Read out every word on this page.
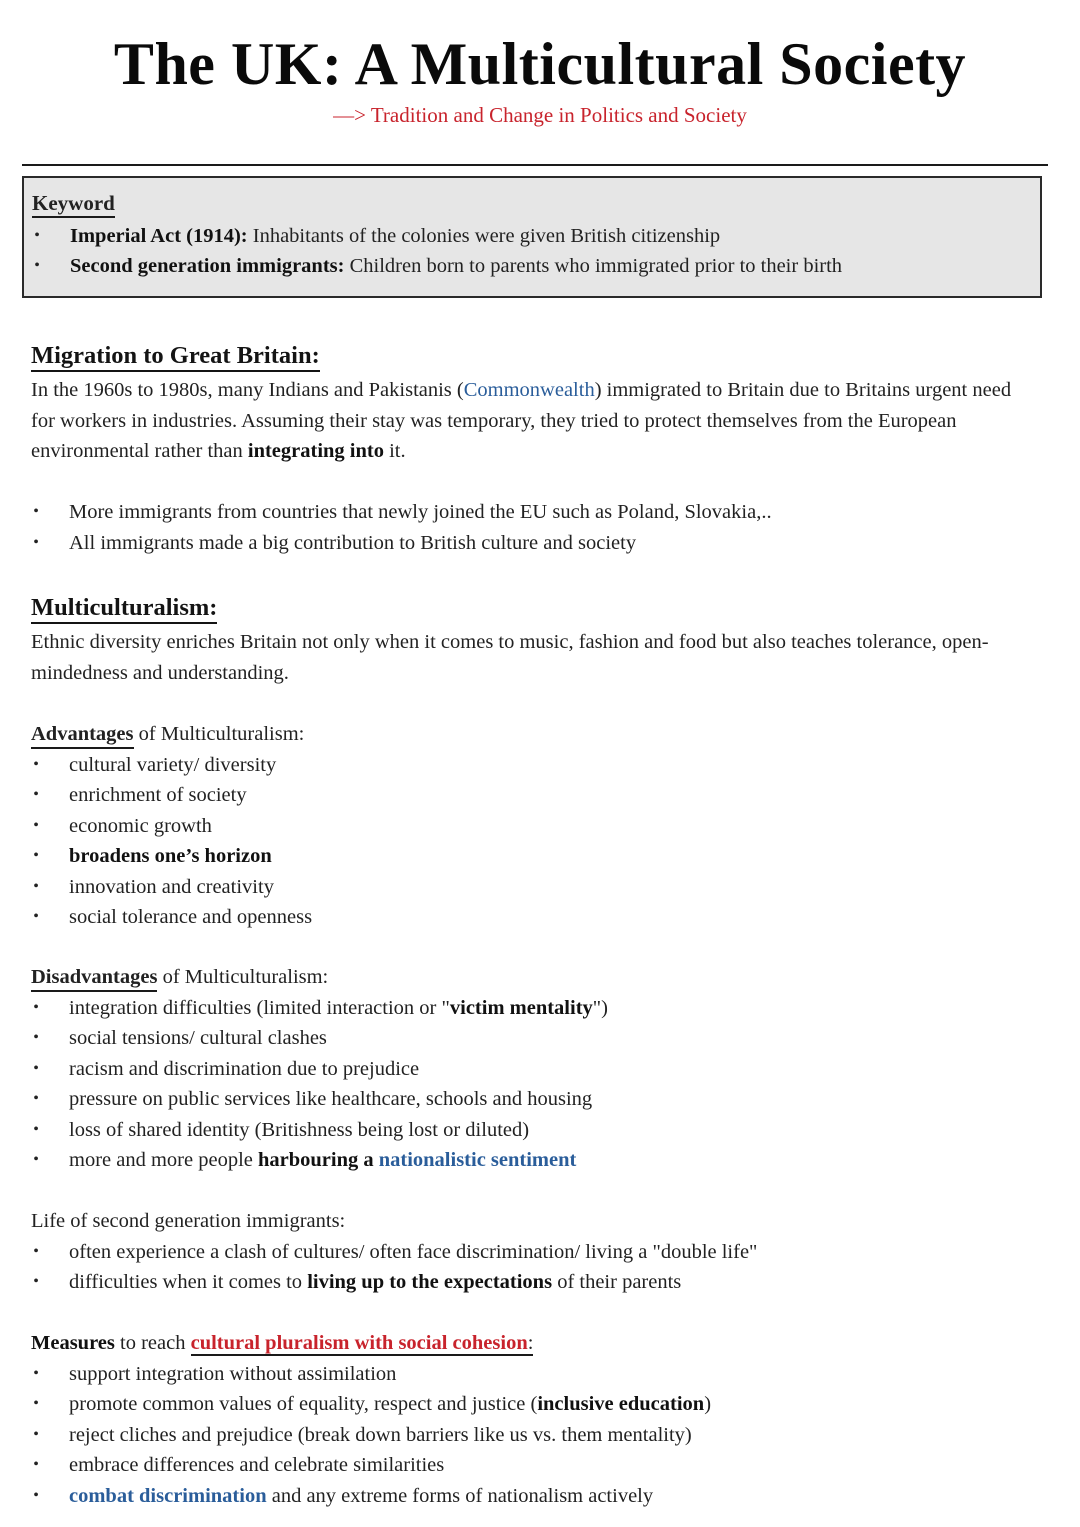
The UK: A Multicultural Society
—> Tradition and Change in Politics and Society
Keyword
• Imperial Act (1914): Inhabitants of the colonies were given British citizenship
• Second generation immigrants: Children born to parents who immigrated prior to their birth
Migration to Great Britain:
In the 1960s to 1980s, many Indians and Pakistanis (Commonwealth) immigrated to Britain due to Britains urgent need for workers in industries. Assuming their stay was temporary, they tried to protect themselves from the European environmental rather than integrating into it.
• More immigrants from countries that newly joined the EU such as Poland, Slovakia,..
• All immigrants made a big contribution to British culture and society
Multiculturalism:
Ethnic diversity enriches Britain not only when it comes to music, fashion and food but also teaches tolerance, open-mindedness and understanding.
Advantages of Multiculturalism:
• cultural variety/ diversity
• enrichment of society
• economic growth
• broadens one’s horizon
• innovation and creativity
• social tolerance and openness
Disadvantages of Multiculturalism:
• integration difficulties (limited interaction or "victim mentality")
• social tensions/ cultural clashes
• racism and discrimination due to prejudice
• pressure on public services like healthcare, schools and housing
• loss of shared identity (Britishness being lost or diluted)
• more and more people harbouring a nationalistic sentiment
Life of second generation immigrants:
• often experience a clash of cultures/ often face discrimination/ living a "double life"
• difficulties when it comes to living up to the expectations of their parents
Measures to reach cultural pluralism with social cohesion:
• support integration without assimilation
• promote common values of equality, respect and justice (inclusive education)
• reject cliches and prejudice (break down barriers like us vs. them mentality)
• embrace differences and celebrate similarities
• combat discrimination and any extreme forms of nationalism actively
